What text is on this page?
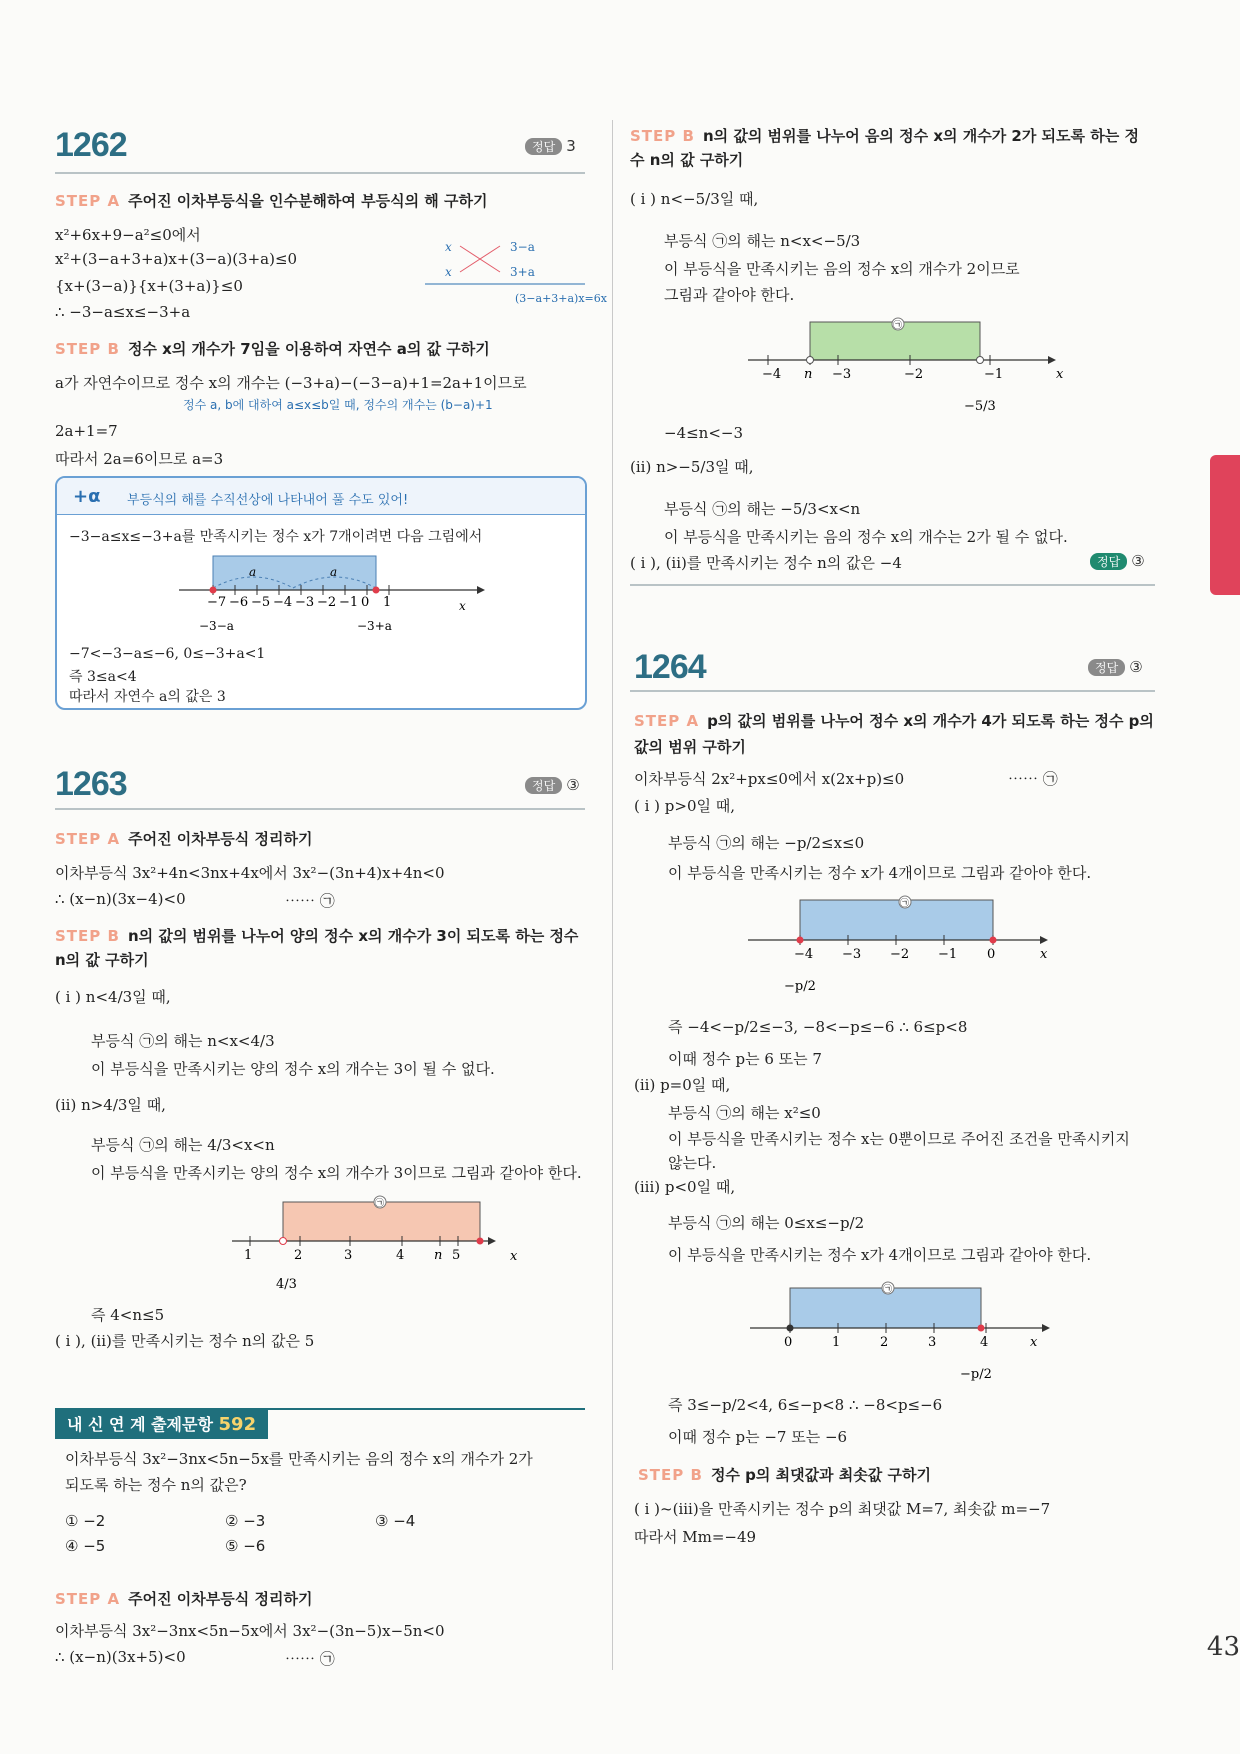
43
1262	정답 3
STEP A 주어진 이차부등식을 인수분해하여 부등식의 해 구하기
x²+6x+9−a²≤0에서
x²+(3−a+3+a)x+(3−a)(3+a)≤0
{x+(3−a)}{x+(3+a)}≤0
∴ −3−a≤x≤−3+a
x
x
3−a
3+a
(3−a+3+a)x=6x
STEP B 정수 x의 개수가 7임을 이용하여 자연수 a의 값 구하기
a가 자연수이므로 정수 x의 개수는 (−3+a)−(−3−a)+1=2a+1이므로
정수 a, b에 대하여 a≤x≤b일 때, 정수의 개수는 (b−a)+1
2a+1=7
따라서 2a=6이므로 a=3
+α 부등식의 해를 수직선상에 나타내어 풀 수도 있어!
−3−a≤x≤−3+a를 만족시키는 정수 x가 7개이려면 다음 그림에서
a	a
−7 −6 −5 −4 −3 −2 −1 0 1
−3−a	−3+a
x
−7<−3−a≤−6, 0≤−3+a<1
즉 3≤a<4
따라서 자연수 a의 값은 3
1263	정답 ③
STEP A 주어진 이차부등식 정리하기
이차부등식 3x²+4n<3nx+4x에서 3x²−(3n+4)x+4n<0
∴ (x−n)(3x−4)<0	⋯⋯ ㉠
STEP B n의 값의 범위를 나누어 양의 정수 x의 개수가 3이 되도록 하는 정수 n의 값 구하기
( i ) n<4/3일 때,
부등식 ㉠의 해는 n<x<4/3
이 부등식을 만족시키는 양의 정수 x의 개수는 3이 될 수 없다.
(ii) n>4/3일 때,
부등식 ㉠의 해는 4/3<x<n
이 부등식을 만족시키는 양의 정수 x의 개수가 3이므로 그림과 같아야 한다.
㉠
1	2	3	4 n 5
4/3
x
즉 4<n≤5
( i ), (ii)를 만족시키는 정수 n의 값은 5
내 신 연 계 출제문항 592
이차부등식 3x²−3nx<5n−5x를 만족시키는 음의 정수 x의 개수가 2가
되도록 하는 정수 n의 값은?
① −2	② −3	③ −4
④ −5	⑤ −6
STEP A 주어진 이차부등식 정리하기
이차부등식 3x²−3nx<5n−5x에서 3x²−(3n−5)x−5n<0
∴ (x−n)(3x+5)<0	⋯⋯ ㉠
STEP B n의 값의 범위를 나누어 음의 정수 x의 개수가 2가 되도록 하는 정수 n의 값 구하기
( i ) n<−5/3일 때,
부등식 ㉠의 해는 n<x<−5/3
이 부등식을 만족시키는 음의 정수 x의 개수가 2이므로
그림과 같아야 한다.
㉠
−4 n −3	−2	−1
−5/3
x
−4≤n<−3
(ii) n>−5/3일 때,
부등식 ㉠의 해는 −5/3<x<n
이 부등식을 만족시키는 음의 정수 x의 개수는 2가 될 수 없다.
( i ), (ii)를 만족시키는 정수 n의 값은 −4	정답 ③
1264	정답 ③
STEP A p의 값의 범위를 나누어 정수 x의 개수가 4가 되도록 하는 정수 p의 값의 범위 구하기
이차부등식 2x²+px≤0에서 x(2x+p)≤0	⋯⋯ ㉠
( i ) p>0일 때,
부등식 ㉠의 해는 −p/2≤x≤0
이 부등식을 만족시키는 정수 x가 4개이므로 그림과 같아야 한다.
㉠
−4 −3 −2 −1 0
−p/2
x
즉 −4<−p/2≤−3, −8<−p≤−6 ∴ 6≤p<8
이때 정수 p는 6 또는 7
(ii) p=0일 때,
부등식 ㉠의 해는 x²≤0
이 부등식을 만족시키는 정수 x는 0뿐이므로 주어진 조건을 만족시키지
않는다.
(iii) p<0일 때,
부등식 ㉠의 해는 0≤x≤−p/2
이 부등식을 만족시키는 정수 x가 4개이므로 그림과 같아야 한다.
㉠
0	1	2	3	4
−p/2
x
즉 3≤−p/2<4, 6≤−p<8 ∴ −8<p≤−6
이때 정수 p는 −7 또는 −6
STEP B 정수 p의 최댓값과 최솟값 구하기
( i )~(iii)을 만족시키는 정수 p의 최댓값 M=7, 최솟값 m=−7
따라서 Mm=−49
